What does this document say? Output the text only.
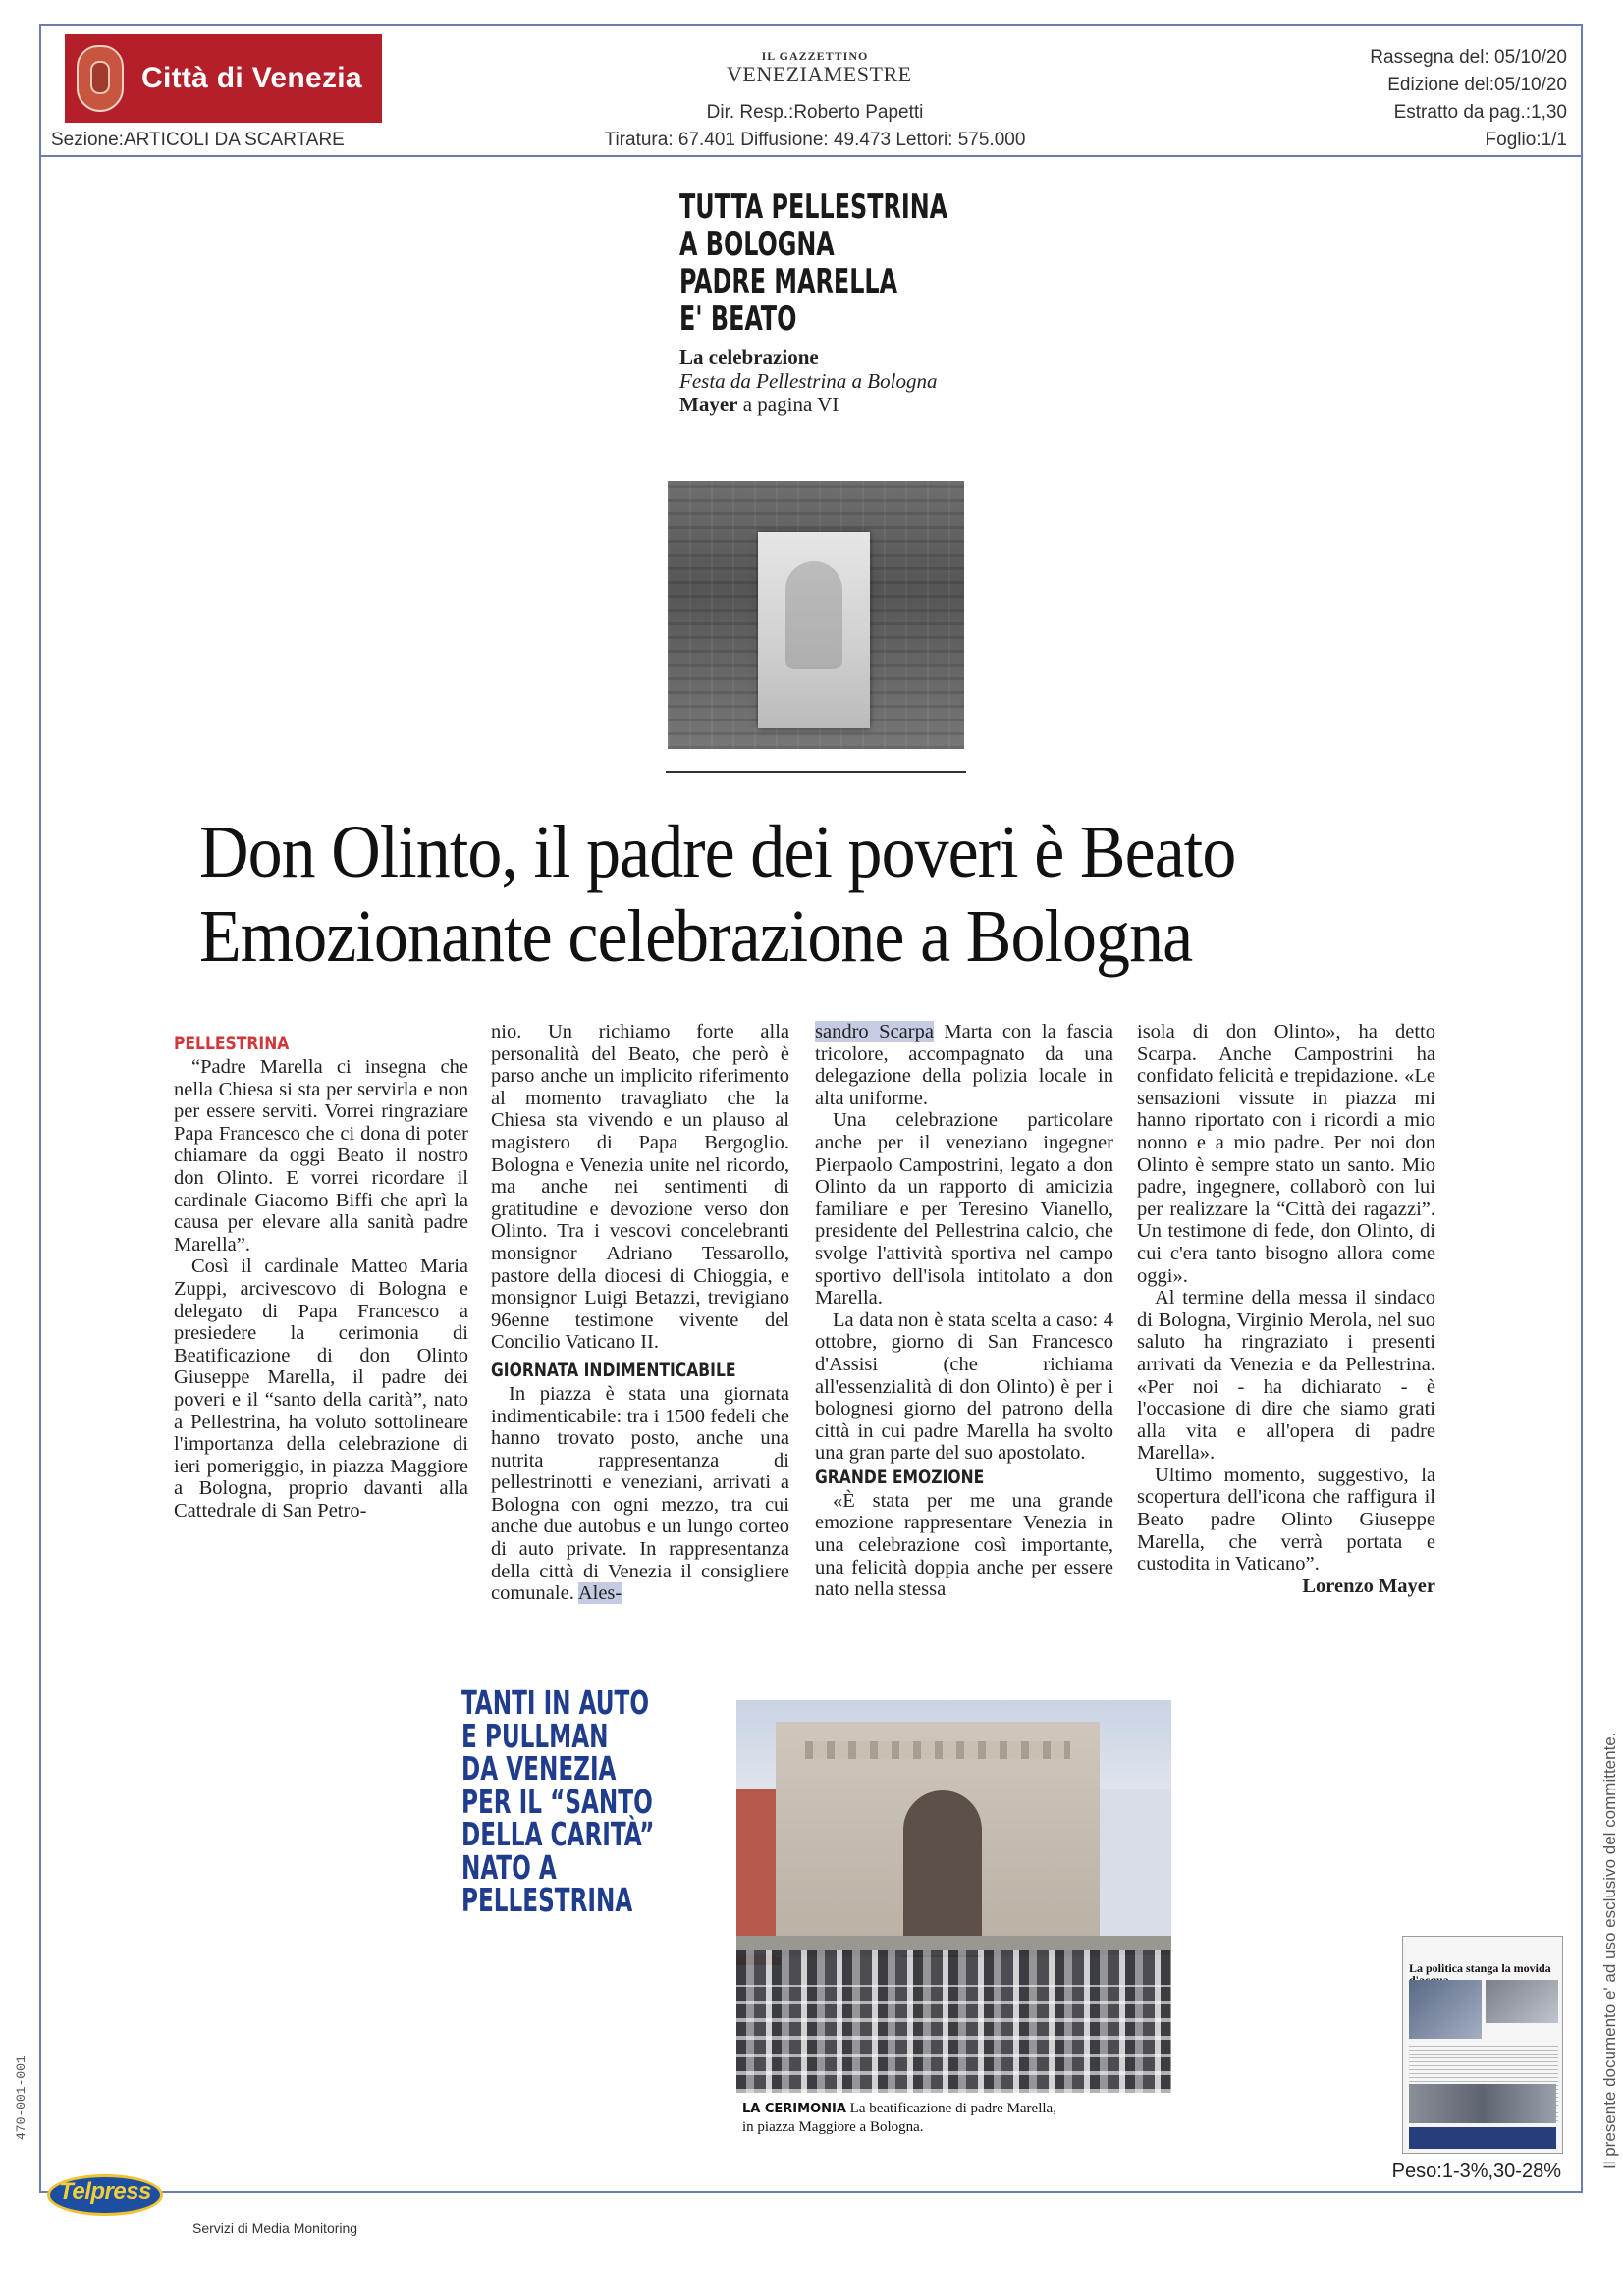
Città di Venezia
Sezione:ARTICOLI DA SCARTARE
IL GAZZETTINO
VENEZIAMESTRE
Dir. Resp.:Roberto Papetti
Tiratura: 67.401 Diffusione: 49.473 Lettori: 575.000
Rassegna del: 05/10/20
Edizione del:05/10/20
Estratto da pag.:1,30
Foglio:1/1
TUTTA PELLESTRINA
A BOLOGNA
PADRE MARELLA
E' BEATO
La celebrazione
Festa da Pellestrina a Bologna
Mayer a pagina VI
Don Olinto, il padre dei poveri è Beato
Emozionante celebrazione a Bologna
PELLESTRINA

“Padre Marella ci insegna che nella Chiesa si sta per servirla e non per essere serviti. Vorrei ringraziare Papa Francesco che ci dona di poter chiamare da oggi Beato il nostro don Olinto. E vorrei ricordare il cardinale Giacomo Biffi che aprì la causa per elevare alla sanità padre Marella”.

Così il cardinale Matteo Maria Zuppi, arcivescovo di Bologna e delegato di Papa Francesco a presiedere la cerimonia di Beatificazione di don Olinto Giuseppe Marella, il padre dei poveri e il “santo della carità”, nato a Pellestrina, ha voluto sottolineare l'importanza della celebrazione di ieri pomeriggio, in piazza Maggiore a Bologna, proprio davanti alla Cattedrale di San Petro-

nio. Un richiamo forte alla personalità del Beato, che però è parso anche un implicito riferimento al momento travagliato che la Chiesa sta vivendo e un plauso al magistero di Papa Bergoglio. Bologna e Venezia unite nel ricordo, ma anche nei sentimenti di gratitudine e devozione verso don Olinto. Tra i vescovi concelebranti monsignor Adriano Tessarollo, pastore della diocesi di Chioggia, e monsignor Luigi Betazzi, trevigiano 96enne testimone vivente del Concilio Vaticano II.

GIORNATA INDIMENTICABILE

In piazza è stata una giornata indimenticabile: tra i 1500 fedeli che hanno trovato posto, anche una nutrita rappresentanza di pellestrinotti e veneziani, arrivati a Bologna con ogni mezzo, tra cui anche due autobus e un lungo corteo di auto private. In rappresentanza della città di Venezia il consigliere comunale. Ales-

sandro Scarpa Marta con la fascia tricolore, accompagnato da una delegazione della polizia locale in alta uniforme.

Una celebrazione particolare anche per il veneziano ingegner Pierpaolo Campostrini, legato a don Olinto da un rapporto di amicizia familiare e per Teresino Vianello, presidente del Pellestrina calcio, che svolge l'attività sportiva nel campo sportivo dell'isola intitolato a don Marella.

La data non è stata scelta a caso: 4 ottobre, giorno di San Francesco d'Assisi (che richiama all'essenzialità di don Olinto) è per i bolognesi giorno del patrono della città in cui padre Marella ha svolto una gran parte del suo apostolato.

GRANDE EMOZIONE

«È stata per me una grande emozione rappresentare Venezia in una celebrazione così importante, una felicità doppia anche per essere nato nella stessa

isola di don Olinto», ha detto Scarpa. Anche Campostrini ha confidato felicità e trepidazione. «Le sensazioni vissute in piazza mi hanno riportato con i ricordi a mio nonno e a mio padre. Per noi don Olinto è sempre stato un santo. Mio padre, ingegnere, collaborò con lui per realizzare la “Città dei ragazzi”. Un testimone di fede, don Olinto, di cui c'era tanto bisogno allora come oggi».

Al termine della messa il sindaco di Bologna, Virginio Merola, nel suo saluto ha ringraziato i presenti arrivati da Venezia e da Pellestrina. «Per noi - ha dichiarato - è l'occasione di dire che siamo grati alla vita e all'opera di padre Marella».

Ultimo momento, suggestivo, la scopertura dell'icona che raffigura il Beato padre Olinto Giuseppe Marella, che verrà portata e custodita in Vaticano”.

Lorenzo Mayer

TANTI IN AUTO
E PULLMAN
DA VENEZIA
PER IL “SANTO
DELLA CARITÀ”
NATO A PELLESTRINA
LA CERIMONIA La beatificazione di padre Marella,
in piazza Maggiore a Bologna.
La politica stanga la movida
Peso:1-3%,30-28%
Il presente documento e' ad uso esclusivo del committente.
470-001-001
Telpress
Servizi di Media Monitoring
